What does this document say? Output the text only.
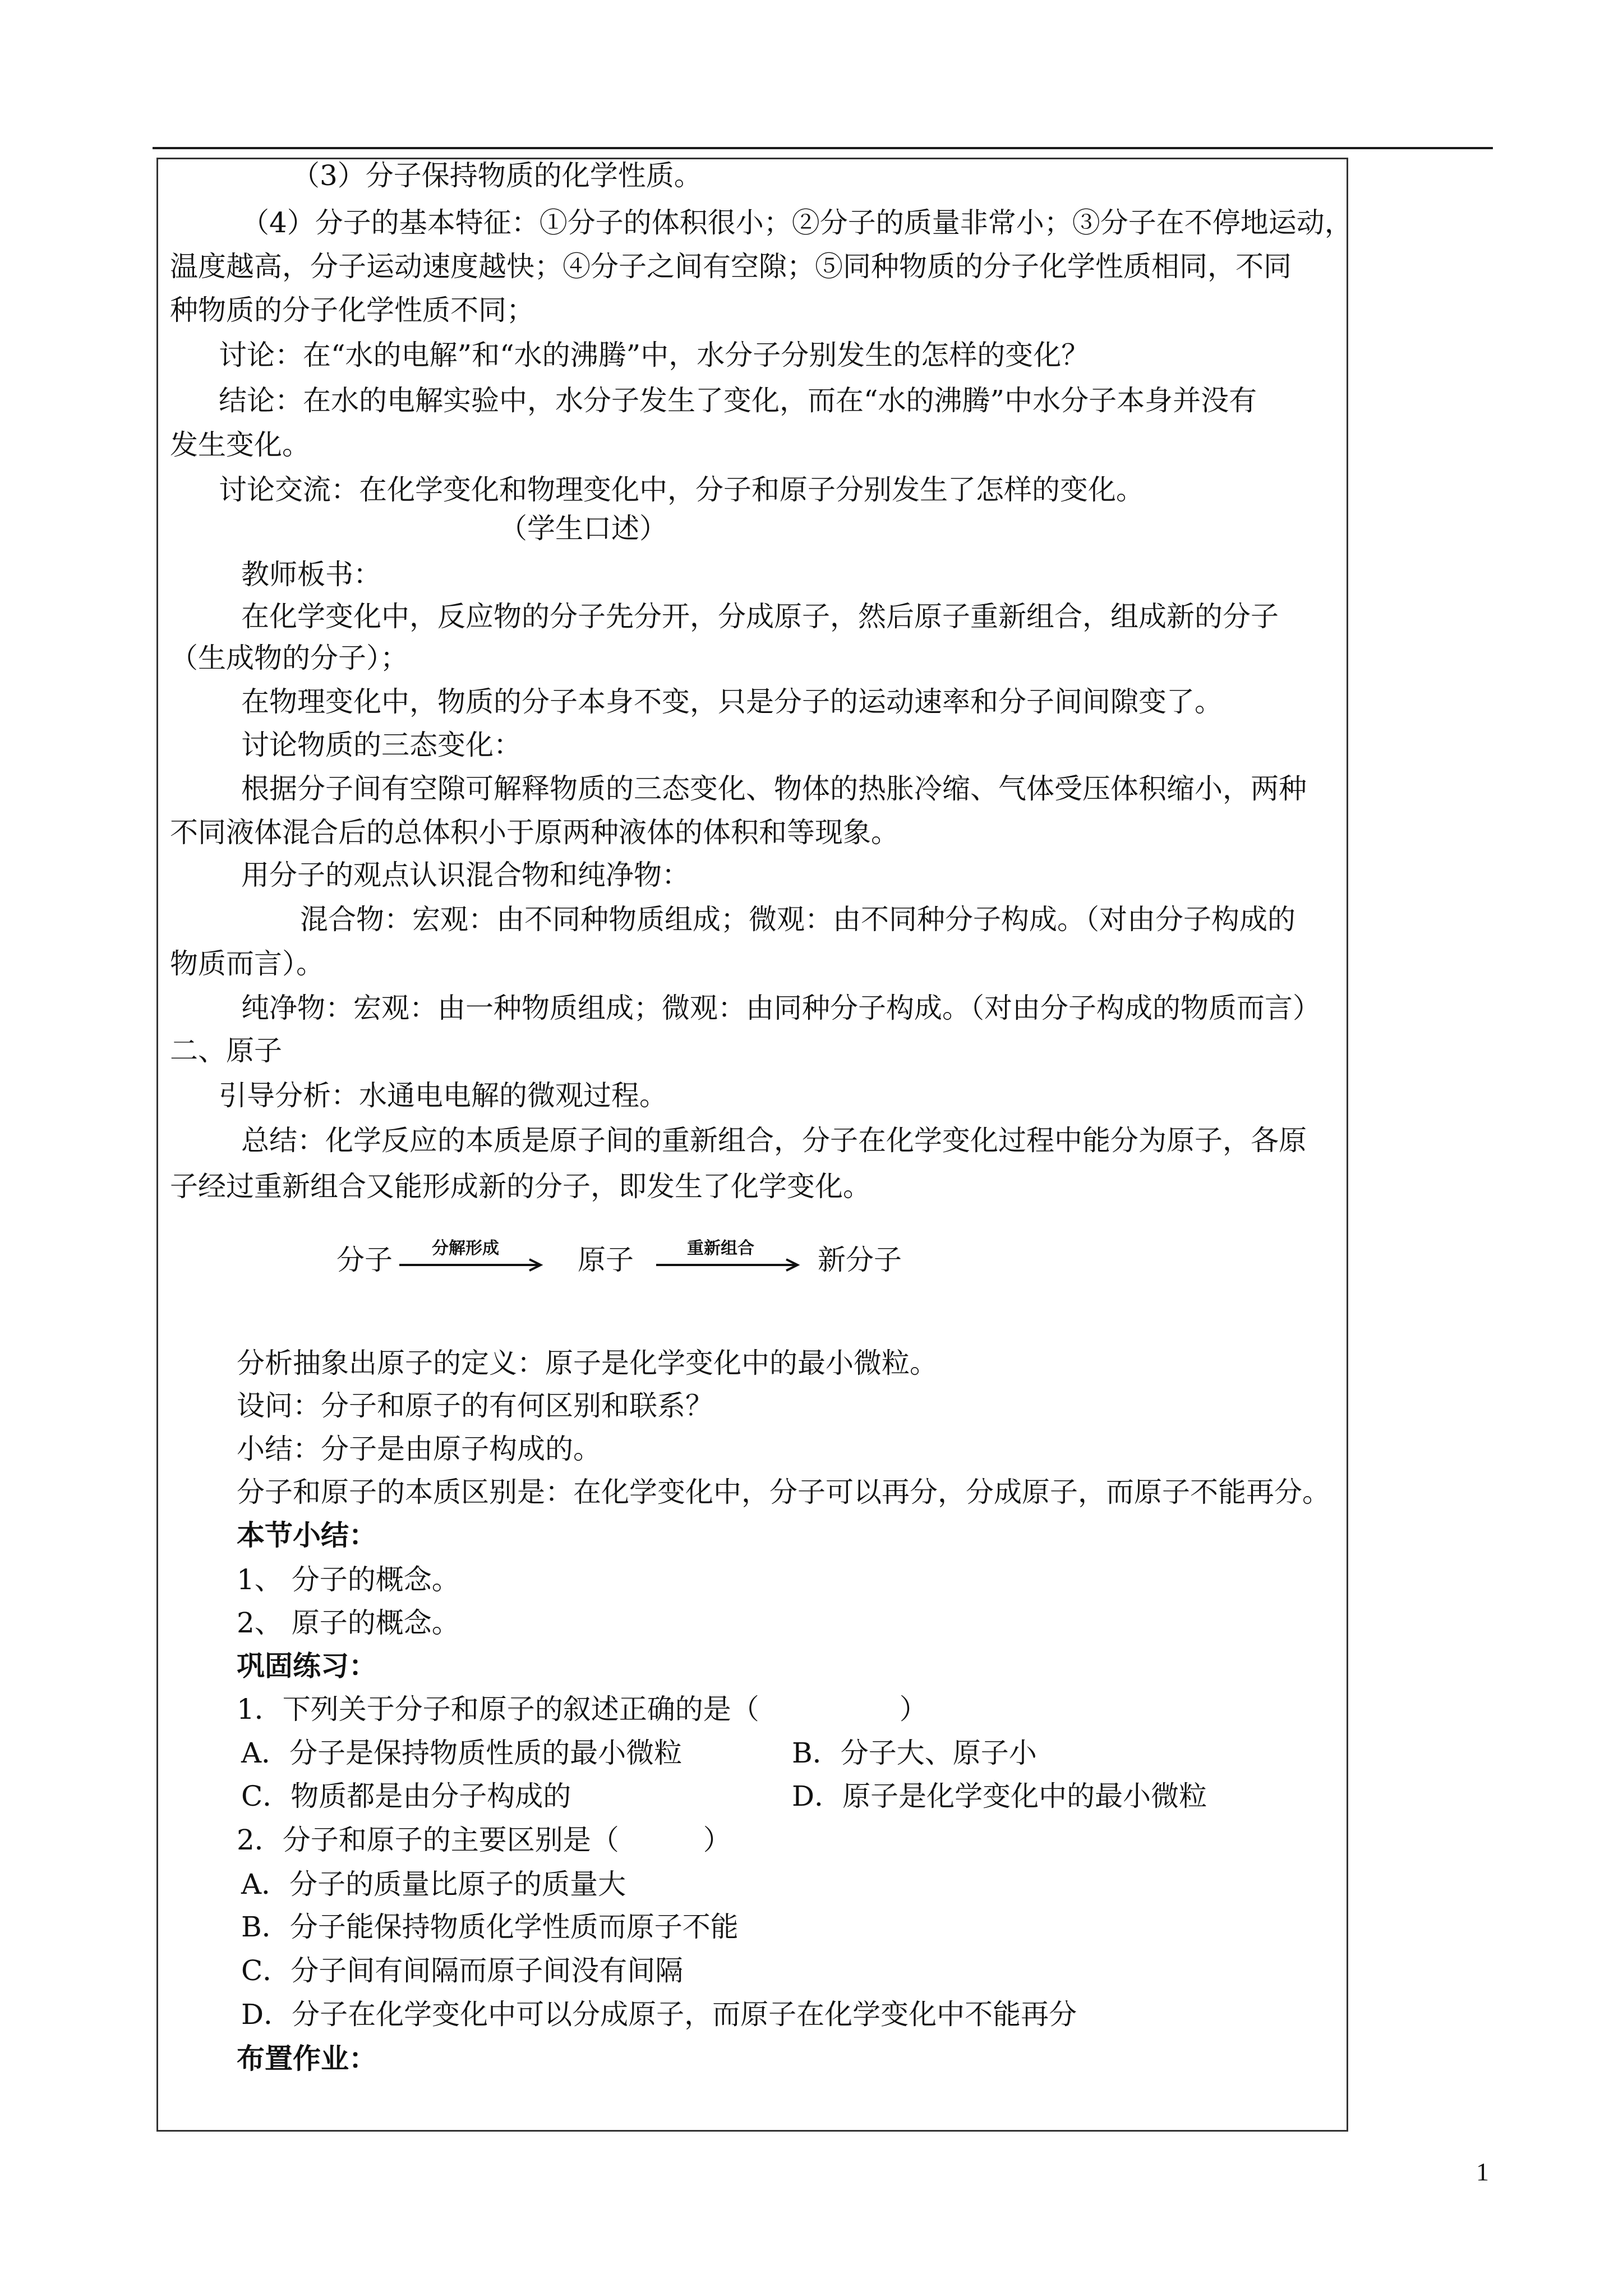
（3）分子保持物质的化学性质。
（4）分子的基本特征：①分子的体积很小；②分子的质量非常小；③分子在不停地运动，
温度越高，分子运动速度越快；④分子之间有空隙；⑤同种物质的分子化学性质相同，不同
种物质的分子化学性质不同；
讨论：在“水的电解”和“水的沸腾”中，水分子分别发生的怎样的变化？
结论：在水的电解实验中，水分子发生了变化，而在“水的沸腾”中水分子本身并没有
发生变化。
讨论交流：在化学变化和物理变化中，分子和原子分别发生了怎样的变化。
（学生口述）
教师板书：
在化学变化中，反应物的分子先分开，分成原子，然后原子重新组合，组成新的分子
（生成物的分子）；
在物理变化中，物质的分子本身不变，只是分子的运动速率和分子间间隙变了。
讨论物质的三态变化：
根据分子间有空隙可解释物质的三态变化、物体的热胀冷缩、气体受压体积缩小，两种
不同液体混合后的总体积小于原两种液体的体积和等现象。
用分子的观点认识混合物和纯净物：
混合物：宏观：由不同种物质组成；微观：由不同种分子构成。（对由分子构成的
物质而言）。
纯净物：宏观：由一种物质组成；微观：由同种分子构成。（对由分子构成的物质而言）
二、原子
引导分析：水通电电解的微观过程。
总结：化学反应的本质是原子间的重新组合，分子在化学变化过程中能分为原子，各原
子经过重新组合又能形成新的分子，即发生了化学变化。
分子 分解形成	原子	重新组合 新分子
分析抽象出原子的定义：原子是化学变化中的最小微粒。
设问：分子和原子的有何区别和联系？
小结：分子是由原子构成的。
分子和原子的本质区别是：在化学变化中，分子可以再分，分成原子，而原子不能再分。
本节小结：
1、 分子的概念。
2、 原子的概念。
巩固练习：
1．下列关于分子和原子的叙述正确的是（　　　　　）
A．分子是保持物质性质的最小微粒	B．分子大、原子小
C．物质都是由分子构成的	D．原子是化学变化中的最小微粒
2．分子和原子的主要区别是（　　　）
A．分子的质量比原子的质量大
B．分子能保持物质化学性质而原子不能
C．分子间有间隔而原子间没有间隔
D．分子在化学变化中可以分成原子，而原子在化学变化中不能再分
布置作业：
1
